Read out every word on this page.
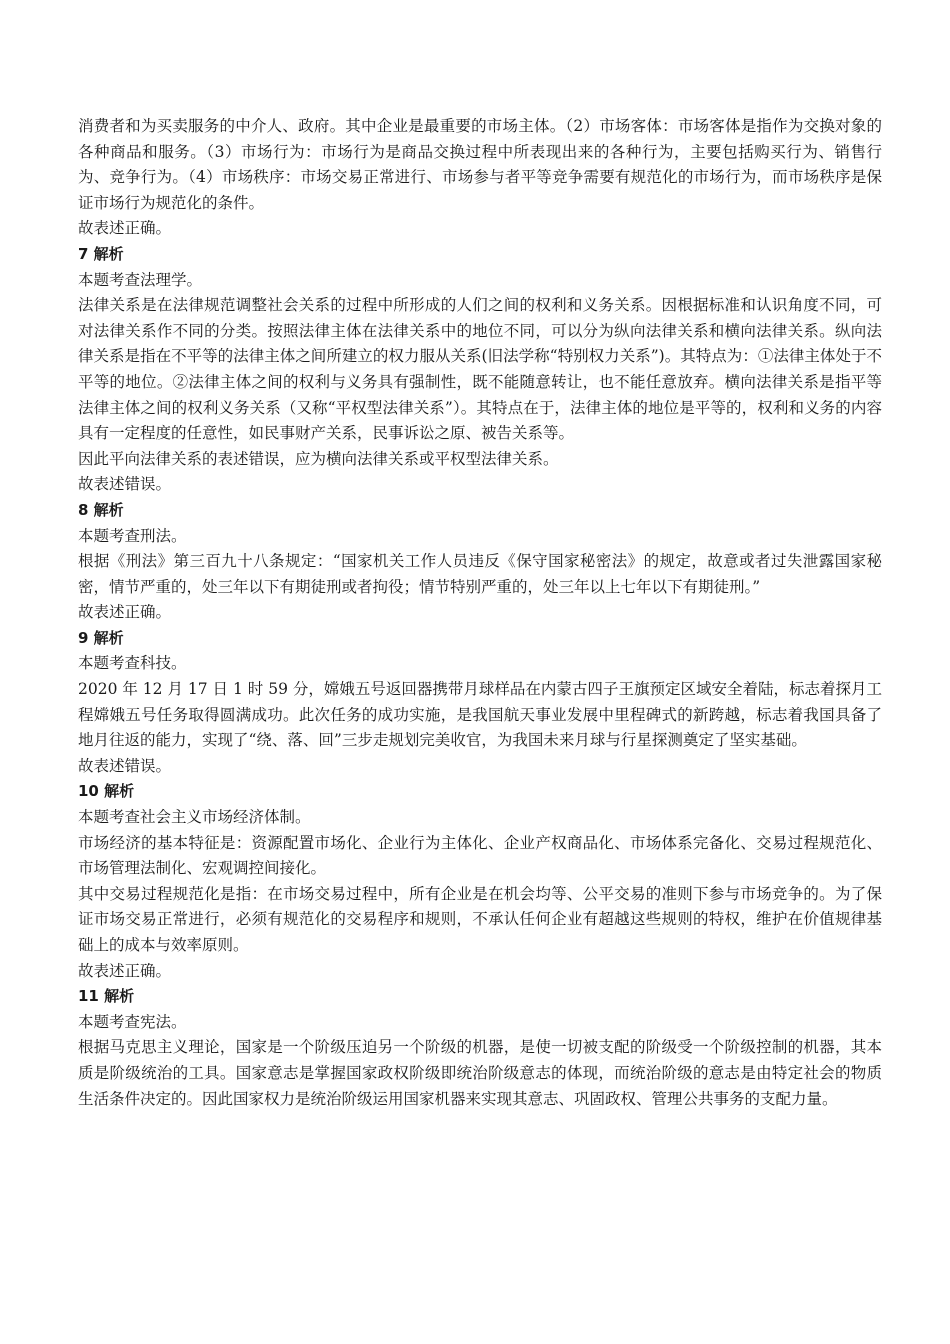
消费者和为买卖服务的中介人、政府。其中企业是最重要的市场主体。（2）市场客体：市场客体是指作为交换对象的各种商品和服务。（3）市场行为：市场行为是商品交换过程中所表现出来的各种行为，主要包括购买行为、销售行为、竞争行为。（4）市场秩序：市场交易正常进行、市场参与者平等竞争需要有规范化的市场行为，而市场秩序是保证市场行为规范化的条件。

故表述正确。

7 解析

本题考查法理学。

法律关系是在法律规范调整社会关系的过程中所形成的人们之间的权利和义务关系。因根据标准和认识角度不同，可对法律关系作不同的分类。按照法律主体在法律关系中的地位不同，可以分为纵向法律关系和横向法律关系。纵向法律关系是指在不平等的法律主体之间所建立的权力服从关系(旧法学称“特别权力关系”)。其特点为：①法律主体处于不平等的地位。②法律主体之间的权利与义务具有强制性，既不能随意转让，也不能任意放弃。横向法律关系是指平等法律主体之间的权利义务关系（又称“平权型法律关系”）。其特点在于，法律主体的地位是平等的，权利和义务的内容具有一定程度的任意性，如民事财产关系，民事诉讼之原、被告关系等。

因此平向法律关系的表述错误，应为横向法律关系或平权型法律关系。

故表述错误。

8 解析

本题考查刑法。

根据《刑法》第三百九十八条规定：“国家机关工作人员违反《保守国家秘密法》的规定，故意或者过失泄露国家秘密，情节严重的，处三年以下有期徒刑或者拘役；情节特别严重的，处三年以上七年以下有期徒刑。”

故表述正确。

9 解析

本题考查科技。

2020 年 12 月 17 日 1 时 59 分，嫦娥五号返回器携带月球样品在内蒙古四子王旗预定区域安全着陆，标志着探月工程嫦娥五号任务取得圆满成功。此次任务的成功实施，是我国航天事业发展中里程碑式的新跨越，标志着我国具备了地月往返的能力，实现了“绕、落、回”三步走规划完美收官，为我国未来月球与行星探测奠定了坚实基础。

故表述错误。

10 解析

本题考查社会主义市场经济体制。

市场经济的基本特征是：资源配置市场化、企业行为主体化、企业产权商品化、市场体系完备化、交易过程规范化、市场管理法制化、宏观调控间接化。

其中交易过程规范化是指：在市场交易过程中，所有企业是在机会均等、公平交易的准则下参与市场竞争的。为了保证市场交易正常进行，必须有规范化的交易程序和规则，不承认任何企业有超越这些规则的特权，维护在价值规律基础上的成本与效率原则。

故表述正确。

11 解析

本题考查宪法。

根据马克思主义理论，国家是一个阶级压迫另一个阶级的机器，是使一切被支配的阶级受一个阶级控制的机器，其本质是阶级统治的工具。国家意志是掌握国家政权阶级即统治阶级意志的体现，而统治阶级的意志是由特定社会的物质生活条件决定的。因此国家权力是统治阶级运用国家机器来实现其意志、巩固政权、管理公共事务的支配力量。
